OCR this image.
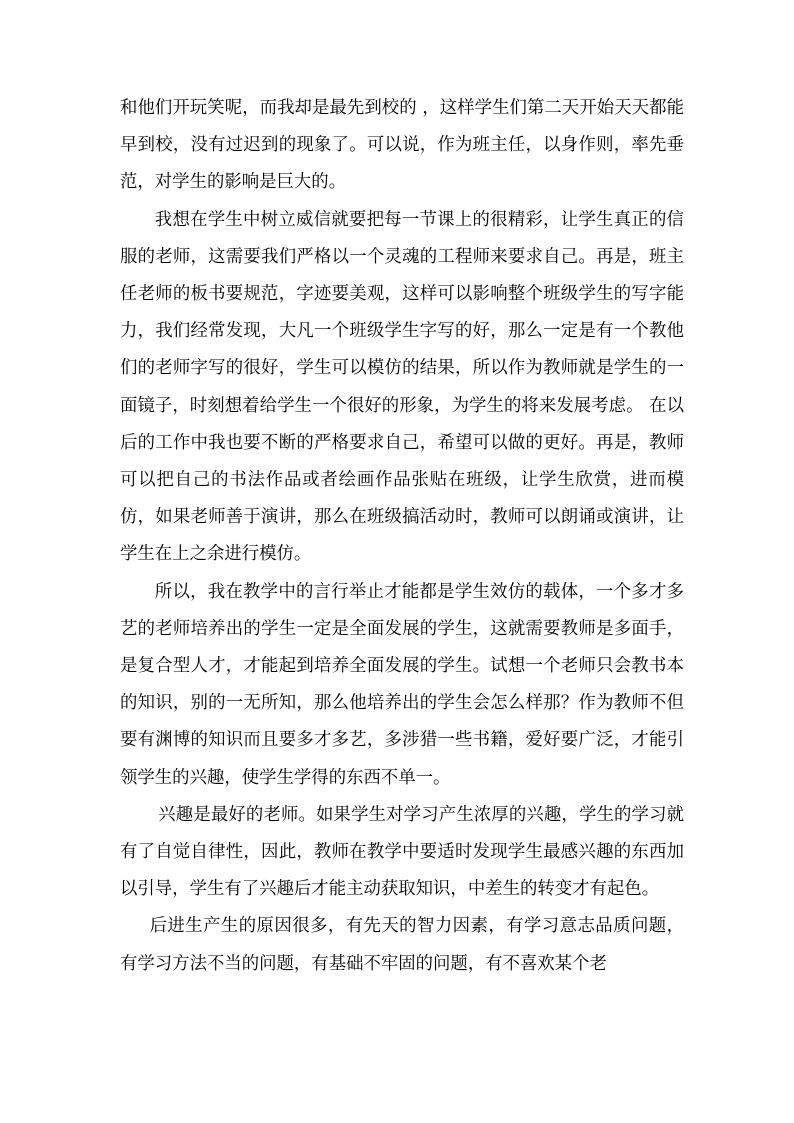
和他们开玩笑呢，而我却是最先到校的 ，这样学生们第二天开始天天都能早到校，没有过迟到的现象了。可以说，作为班主任，以身作则，率先垂范，对学生的影响是巨大的。

我想在学生中树立威信就要把每一节课上的很精彩，让学生真正的信服的老师，这需要我们严格以一个灵魂的工程师来要求自己。再是，班主任老师的板书要规范，字迹要美观，这样可以影响整个班级学生的写字能力，我们经常发现，大凡一个班级学生字写的好，那么一定是有一个教他们的老师字写的很好，学生可以模仿的结果，所以作为教师就是学生的一面镜子，时刻想着给学生一个很好的形象，为学生的将来发展考虑。 在以后的工作中我也要不断的严格要求自己，希望可以做的更好。再是，教师可以把自己的书法作品或者绘画作品张贴在班级，让学生欣赏，进而模仿，如果老师善于演讲，那么在班级搞活动时，教师可以朗诵或演讲，让学生在上之余进行模仿。

所以，我在教学中的言行举止才能都是学生效仿的载体，一个多才多艺的老师培养出的学生一定是全面发展的学生，这就需要教师是多面手，是复合型人才，才能起到培养全面发展的学生。试想一个老师只会教书本的知识，别的一无所知，那么他培养出的学生会怎么样那？作为教师不但要有渊博的知识而且要多才多艺，多涉猎一些书籍，爱好要广泛，才能引领学生的兴趣，使学生学得的东西不单一。

兴趣是最好的老师。如果学生对学习产生浓厚的兴趣，学生的学习就有了自觉自律性，因此，教师在教学中要适时发现学生最感兴趣的东西加以引导，学生有了兴趣后才能主动获取知识，中差生的转变才有起色。

后进生产生的原因很多，有先天的智力因素，有学习意志品质问题，有学习方法不当的问题，有基础不牢固的问题，有不喜欢某个老
